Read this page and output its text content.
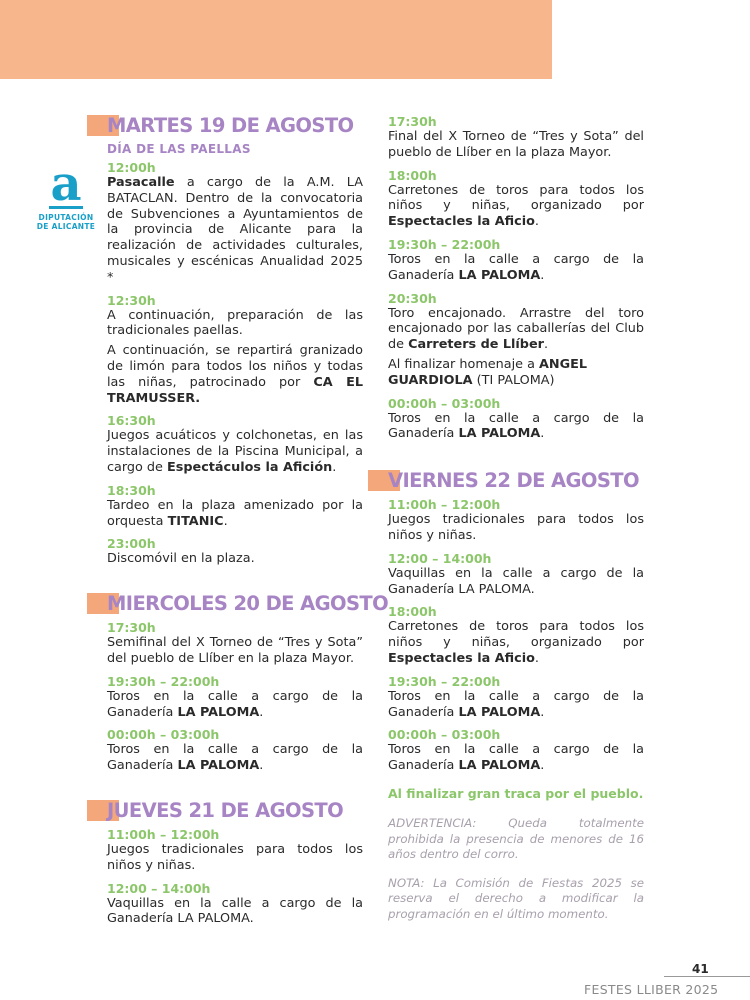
a
DIPUTACIÓN
DE ALICANTE
MARTES 19 DE AGOSTO
DÍA DE LAS PAELLAS
12:00h
Pasacalle a cargo de la A.M. LA BATACLAN. Dentro de la convocatoria de Subvenciones a Ayuntamientos de la provincia de Alicante para la realización de actividades culturales, musicales y escénicas Anualidad 2025 *
12:30h
A continuación, preparación de las tradicionales paellas.
A continuación, se repartirá granizado de limón para todos los niños y todas las niñas, patrocinado por CA EL TRAMUSSER.
16:30h
Juegos acuáticos y colchonetas, en las instalaciones de la Piscina Municipal, a cargo de Espectáculos la Afición.
18:30h
Tardeo en la plaza amenizado por la orquesta TITANIC.
23:00h
Discomóvil en la plaza.
MIERCOLES 20 DE AGOSTO
17:30h
Semifinal del X Torneo de “Tres y Sota” del pueblo de Llíber en la plaza Mayor.
19:30h – 22:00h
Toros en la calle a cargo de la Ganadería LA PALOMA.
00:00h – 03:00h
Toros en la calle a cargo de la Ganadería LA PALOMA.
JUEVES 21 DE AGOSTO
11:00h – 12:00h
Juegos tradicionales para todos los niños y niñas.
12:00 – 14:00h
Vaquillas en la calle a cargo de la Ganadería LA PALOMA.
17:30h
Final del X Torneo de “Tres y Sota” del pueblo de Llíber en la plaza Mayor.
18:00h
Carretones de toros para todos los niños y niñas, organizado por Espectacles la Aficio.
19:30h – 22:00h
Toros en la calle a cargo de la Ganadería LA PALOMA.
20:30h
Toro encajonado. Arrastre del toro encajonado por las caballerías del Club de Carreters de Llíber.
Al finalizar homenaje a ANGEL GUARDIOLA (TI PALOMA)
00:00h – 03:00h
Toros en la calle a cargo de la Ganadería LA PALOMA.
VIERNES 22 DE AGOSTO
11:00h – 12:00h
Juegos tradicionales para todos los niños y niñas.
12:00 – 14:00h
Vaquillas en la calle a cargo de la Ganadería LA PALOMA.
18:00h
Carretones de toros para todos los niños y niñas, organizado por Espectacles la Aficio.
19:30h – 22:00h
Toros en la calle a cargo de la Ganadería LA PALOMA.
00:00h – 03:00h
Toros en la calle a cargo de la Ganadería LA PALOMA.
Al finalizar gran traca por el pueblo.
ADVERTENCIA: Queda totalmente prohibida la presencia de menores de 16 años dentro del corro.
NOTA: La Comisión de Fiestas 2025 se reserva el derecho a modificar la programación en el último momento.
41
FESTES LLIBER 2025
